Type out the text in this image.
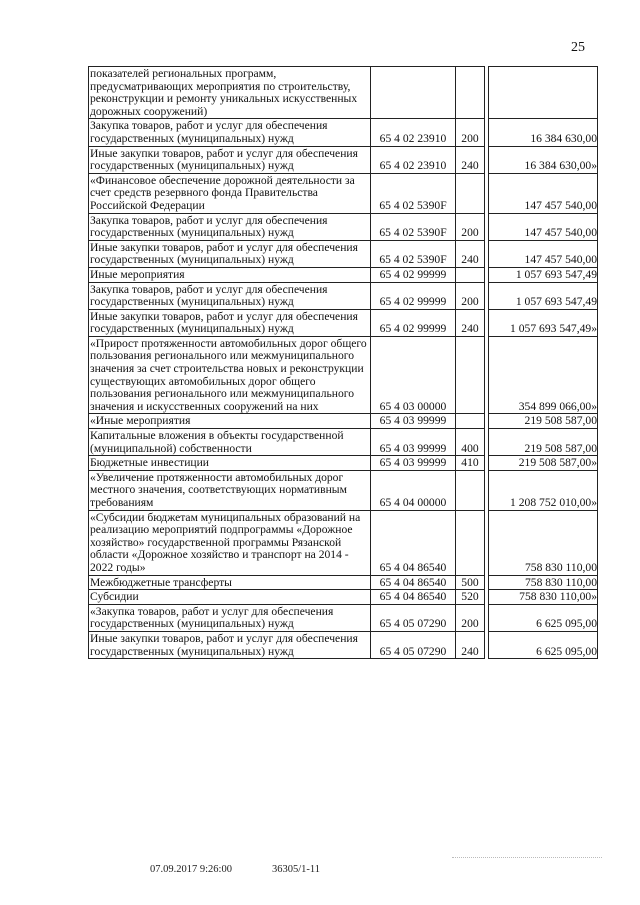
25
показателей региональных программ, предусматривающих мероприятия по строительству, реконструкции и ремонту уникальных искусственных дорожных сооружений)				
Закупка товаров, работ и услуг для обеспечения государственных (муниципальных) нужд	65 4 02 23910	200		16 384 630,00
Иные закупки товаров, работ и услуг для обеспечения государственных (муниципальных) нужд	65 4 02 23910	240		16 384 630,00»
«Финансовое обеспечение дорожной деятельности за счет средств резервного фонда Правительства Российской Федерации	65 4 02 5390F			147 457 540,00
Закупка товаров, работ и услуг для обеспечения государственных (муниципальных) нужд	65 4 02 5390F	200		147 457 540,00
Иные закупки товаров, работ и услуг для обеспечения государственных (муниципальных) нужд	65 4 02 5390F	240		147 457 540,00
Иные мероприятия	65 4 02 99999			1 057 693 547,49
Закупка товаров, работ и услуг для обеспечения государственных (муниципальных) нужд	65 4 02 99999	200		1 057 693 547,49
Иные закупки товаров, работ и услуг для обеспечения государственных (муниципальных) нужд	65 4 02 99999	240		1 057 693 547,49»
«Прирост протяженности автомобильных дорог общего пользования регионального или межмуниципального значения за счет строительства новых и реконструкции существующих автомобильных дорог общего пользования регионального или межмуниципального значения и искусственных сооружений на них	65 4 03 00000			354 899 066,00»
«Иные мероприятия	65 4 03 99999			219 508 587,00
Капитальные вложения в объекты государственной (муниципальной) собственности	65 4 03 99999	400		219 508 587,00
Бюджетные инвестиции	65 4 03 99999	410		219 508 587,00»
«Увеличение протяженности автомобильных дорог местного значения, соответствующих нормативным требованиям	65 4 04 00000			1 208 752 010,00»
«Субсидии бюджетам муниципальных образований на реализацию мероприятий подпрограммы «Дорожное хозяйство» государственной программы Рязанской области «Дорожное хозяйство и транспорт на 2014 - 2022 годы»	65 4 04 86540			758 830 110,00
Межбюджетные трансферты	65 4 04 86540	500		758 830 110,00
Субсидии	65 4 04 86540	520		758 830 110,00»
«Закупка товаров, работ и услуг для обеспечения государственных (муниципальных) нужд	65 4 05 07290	200		6 625 095,00
Иные закупки товаров, работ и услуг для обеспечения государственных (муниципальных) нужд	65 4 05 07290	240		6 625 095,00
07.09.2017 9:26:00	36305/1-11
